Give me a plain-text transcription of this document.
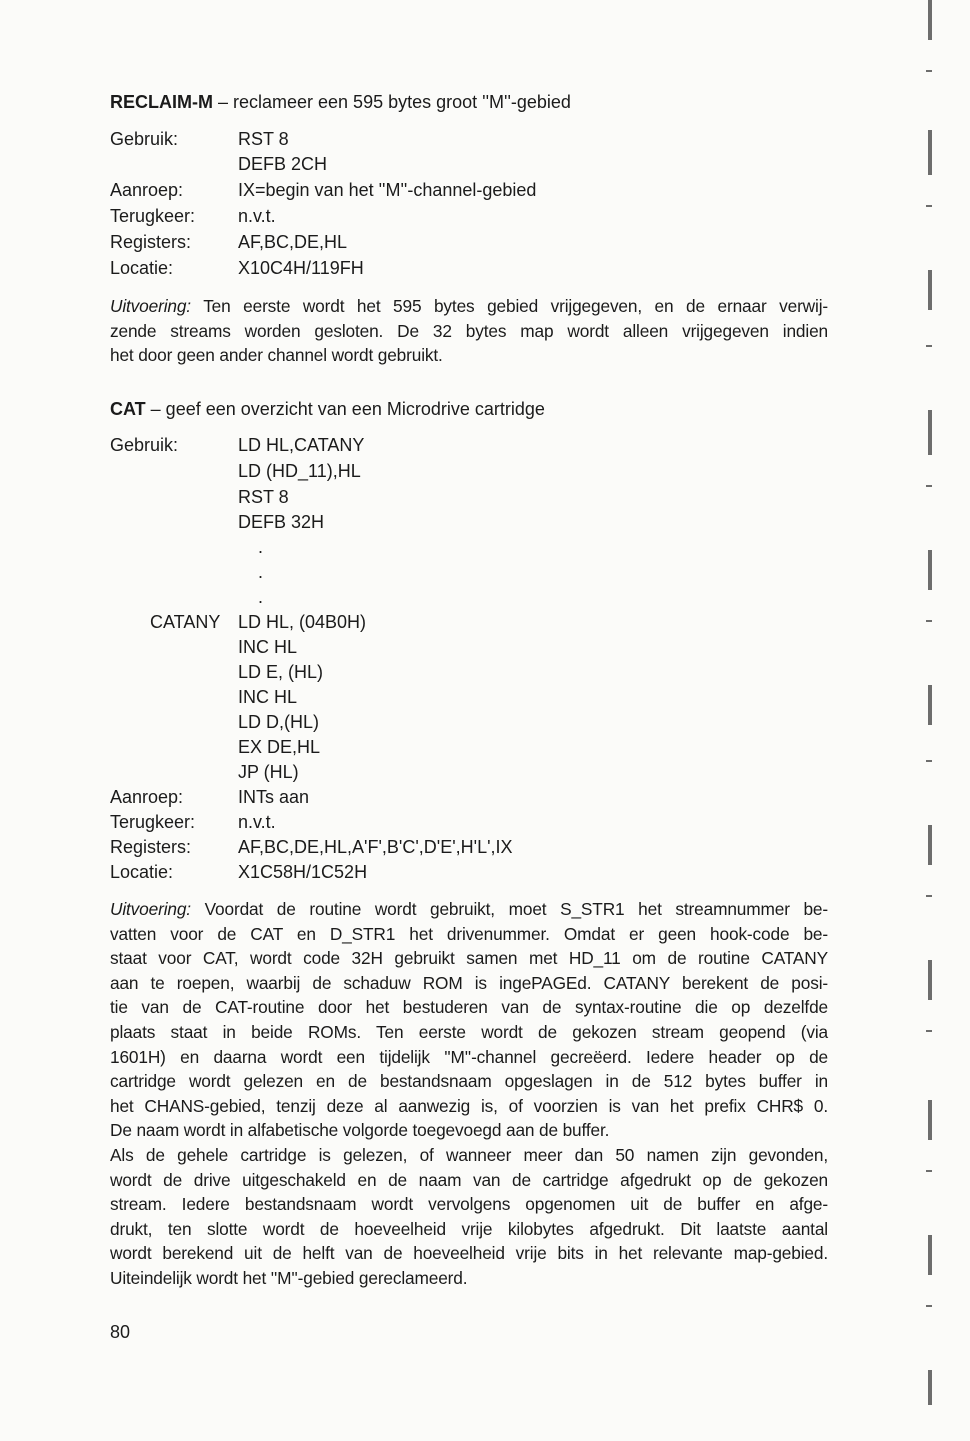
RECLAIM-M – reclameer een 595 bytes groot ''M''-gebied
Gebruik:	RST 8
DEFB 2CH
Aanroep:	IX=begin van het ''M''-channel-gebied
Terugkeer: n.v.t.
Registers:	AF,BC,DE,HL
Locatie:	X10C4H/119FH
Uitvoering: Ten eerste wordt het 595 bytes gebied vrijgegeven, en de ernaar verwij-
zende streams worden gesloten. De 32 bytes map wordt alleen vrijgegeven indien
het door geen ander channel wordt gebruikt.
CAT – geef een overzicht van een Microdrive cartridge
Gebruik:	LD HL,CATANY
LD (HD_11),HL
RST 8
DEFB 32H
.
.
.
CATANY LD HL, (04B0H)
INC HL
LD E, (HL)
INC HL
LD D,(HL)
EX DE,HL
JP (HL)
Aanroep:	INTs aan
Terugkeer: n.v.t.
Registers:	AF,BC,DE,HL,A'F',B'C',D'E',H'L',IX
Locatie:	X1C58H/1C52H
Uitvoering: Voordat de routine wordt gebruikt, moet S_STR1 het streamnummer be-
vatten voor de CAT en D_STR1 het drivenummer. Omdat er geen hook-code be-
staat voor CAT, wordt code 32H gebruikt samen met HD_11 om de routine CATANY
aan te roepen, waarbij de schaduw ROM is ingePAGEd. CATANY berekent de posi-
tie van de CAT-routine door het bestuderen van de syntax-routine die op dezelfde
plaats staat in beide ROMs. Ten eerste wordt de gekozen stream geopend (via
1601H) en daarna wordt een tijdelijk ''M''-channel gecreëerd. Iedere header op de
cartridge wordt gelezen en de bestandsnaam opgeslagen in de 512 bytes buffer in
het CHANS-gebied, tenzij deze al aanwezig is, of voorzien is van het prefix CHR$ 0.
De naam wordt in alfabetische volgorde toegevoegd aan de buffer.
Als de gehele cartridge is gelezen, of wanneer meer dan 50 namen zijn gevonden,
wordt de drive uitgeschakeld en de naam van de cartridge afgedrukt op de gekozen
stream. Iedere bestandsnaam wordt vervolgens opgenomen uit de buffer en afge-
drukt, ten slotte wordt de hoeveelheid vrije kilobytes afgedrukt. Dit laatste aantal
wordt berekend uit de helft van de hoeveelheid vrije bits in het relevante map-gebied.
Uiteindelijk wordt het ''M''-gebied gereclameerd.
80
